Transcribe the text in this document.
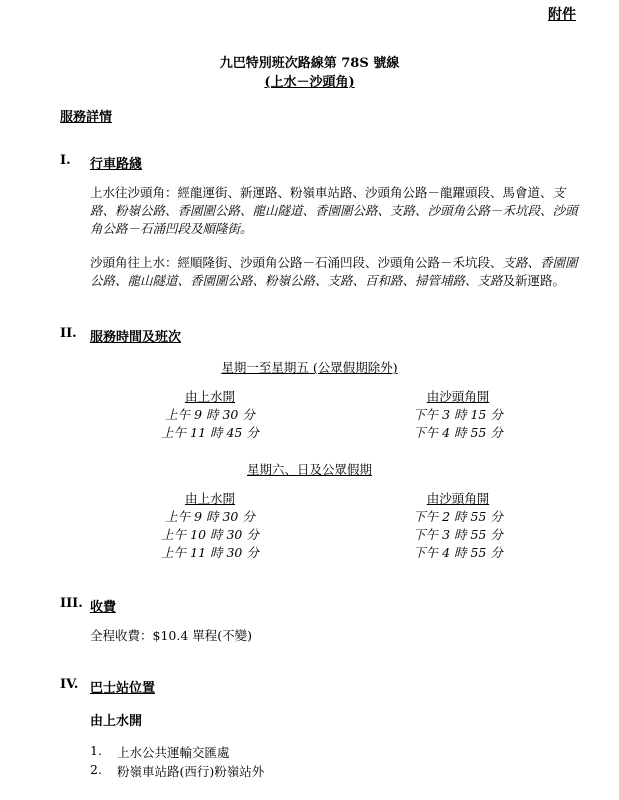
附件
九巴特別班次路線第 78S 號線
(上水－沙頭角)
服務詳情
I. 行車路綫
上水往沙頭角：經龍運街、新運路、粉嶺車站路、沙頭角公路－龍躍頭段、馬會道、支路、粉嶺公路、香園圍公路、龍山隧道、香園圍公路、支路、沙頭角公路－禾坑段、沙頭角公路－石涌凹段及順隆街。
沙頭角往上水：經順隆街、沙頭角公路－石涌凹段、沙頭角公路－禾坑段、支路、香園圍公路、龍山隧道、香園圍公路、粉嶺公路、支路、百和路、掃管埔路、支路及新運路。
II. 服務時間及班次
星期一至星期五 (公眾假期除外)
由上水開
上午 9 時 30 分
上午 11 時 45 分
由沙頭角開
下午 3 時 15 分
下午 4 時 55 分
星期六、日及公眾假期
由上水開
上午 9 時 30 分
上午 10 時 30 分
上午 11 時 30 分
由沙頭角開
下午 2 時 55 分
下午 3 時 55 分
下午 4 時 55 分
III. 收費
全程收費：$10.4 單程(不變)
IV. 巴士站位置
由上水開
1. 上水公共運輸交匯處
2. 粉嶺車站路(西行)粉嶺站外
